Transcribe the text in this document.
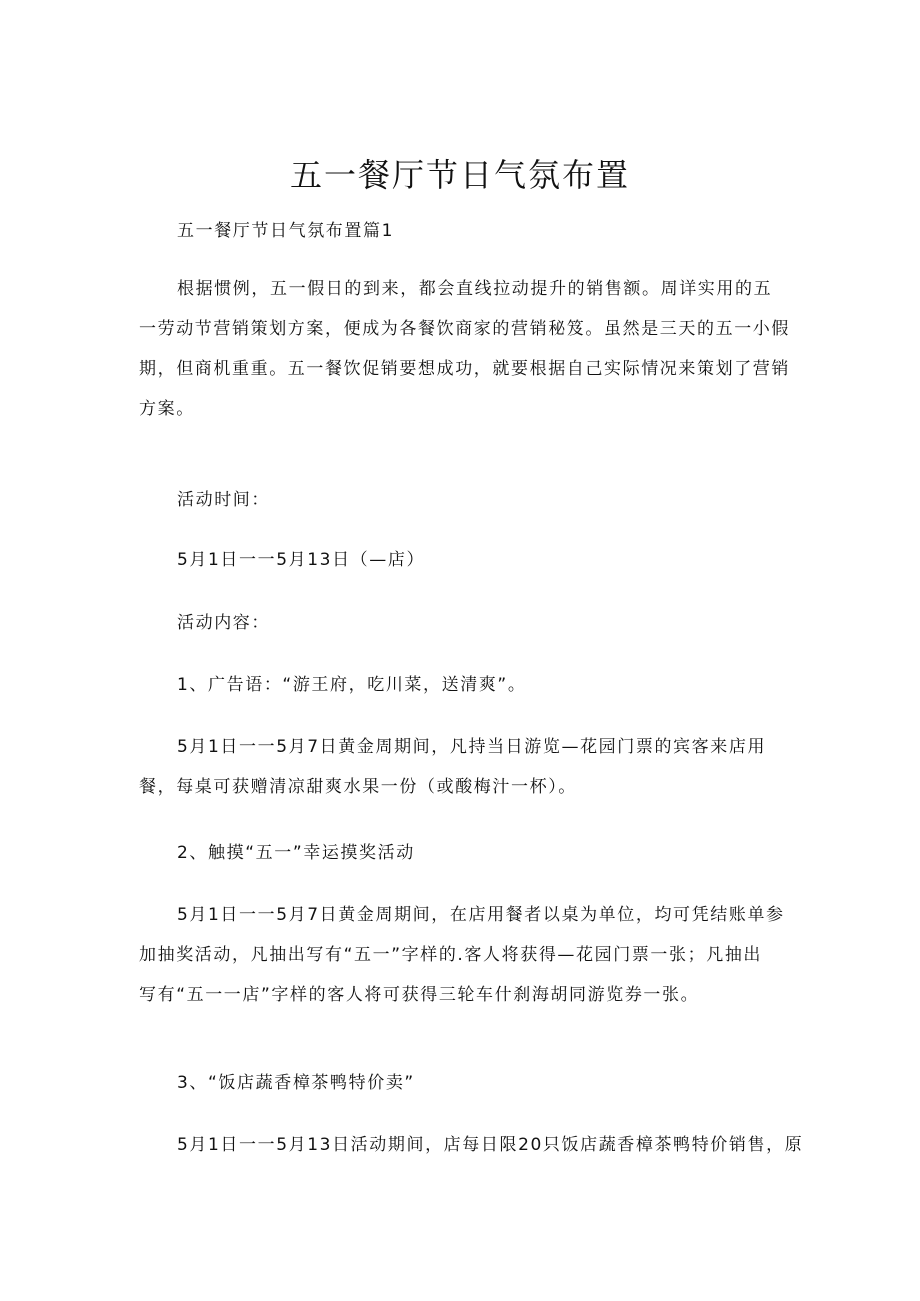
五一餐厅节日气氛布置

五一餐厅节日气氛布置篇1

根据惯例，五一假日的到来，都会直线拉动提升的销售额。周详实用的五
一劳动节营销策划方案，便成为各餐饮商家的营销秘笈。虽然是三天的五一小假
期，但商机重重。五一餐饮促销要想成功，就要根据自己实际情况来策划了营销
方案。

活动时间：

5月1日一一5月13日（—店）

活动内容：

1、广告语：“游王府，吃川菜，送清爽”。

5月1日一一5月7日黄金周期间，凡持当日游览—花园门票的宾客来店用
餐，每桌可获赠清凉甜爽水果一份（或酸梅汁一杯）。

2、触摸“五一”幸运摸奖活动

5月1日一一5月7日黄金周期间，在店用餐者以桌为单位，均可凭结账单参
加抽奖活动，凡抽出写有“五一”字样的.客人将获得—花园门票一张；凡抽出
写有“五一一店”字样的客人将可获得三轮车什刹海胡同游览券一张。

3、“饭店蔬香樟茶鸭特价卖”

5月1日一一5月13日活动期间，店每日限20只饭店蔬香樟茶鸭特价销售，原
